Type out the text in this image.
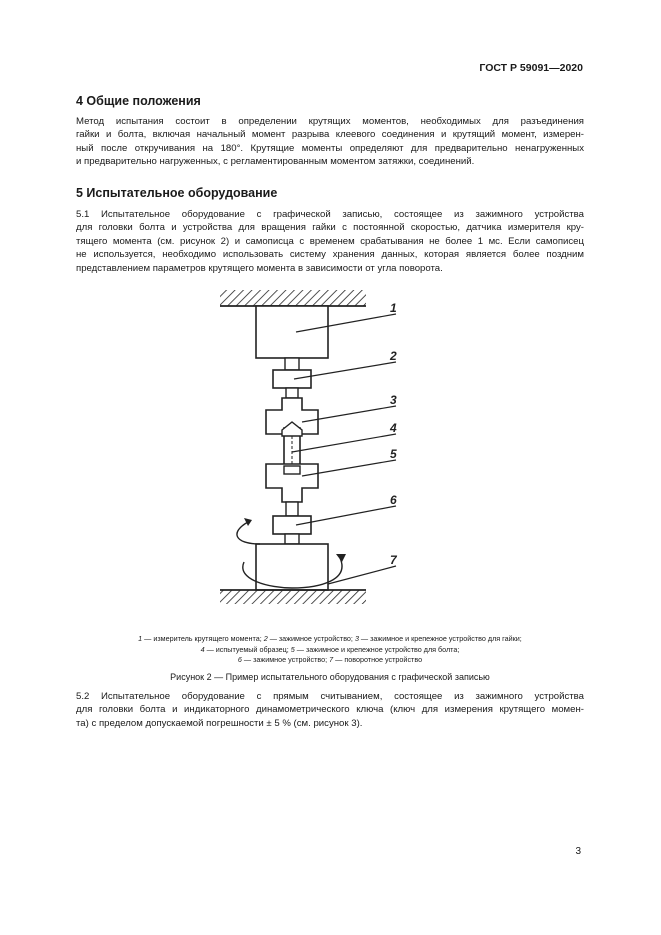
ГОСТ Р 59091—2020
4 Общие положения
Метод испытания состоит в определении крутящих моментов, необходимых для разъединения
гайки и болта, включая начальный момент разрыва клеевого соединения и крутящий момент, измерен-
ный после откручивания на 180°. Крутящие моменты определяют для предварительно ненагруженных
и предварительно нагруженных, с регламентированным моментом затяжки, соединений.
5 Испытательное оборудование
5.1 Испытательное оборудование с графической записью, состоящее из зажимного устройства
для головки болта и устройства для вращения гайки с постоянной скоростью, датчика измерителя кру-
тящего момента (см. рисунок 2) и самописца с временем срабатывания не более 1 мс. Если самописец
не используется, необходимо использовать систему хранения данных, которая является более поздним
представлением параметров крутящего момента в зависимости от угла поворота.
1
2
3
4
5
6
7
1 — измеритель крутящего момента; 2 — зажимное устройство; 3 — зажимное и крепежное устройство для гайки;
4 — испытуемый образец; 5 — зажимное и крепежное устройство для болта;
6 — зажимное устройство; 7 — поворотное устройство
Рисунок 2 — Пример испытательного оборудования с графической записью
5.2 Испытательное оборудование с прямым считыванием, состоящее из зажимного устройства
для головки болта и индикаторного динамометрического ключа (ключ для измерения крутящего момен-
та) с пределом допускаемой погрешности ± 5 % (см. рисунок 3).
3
